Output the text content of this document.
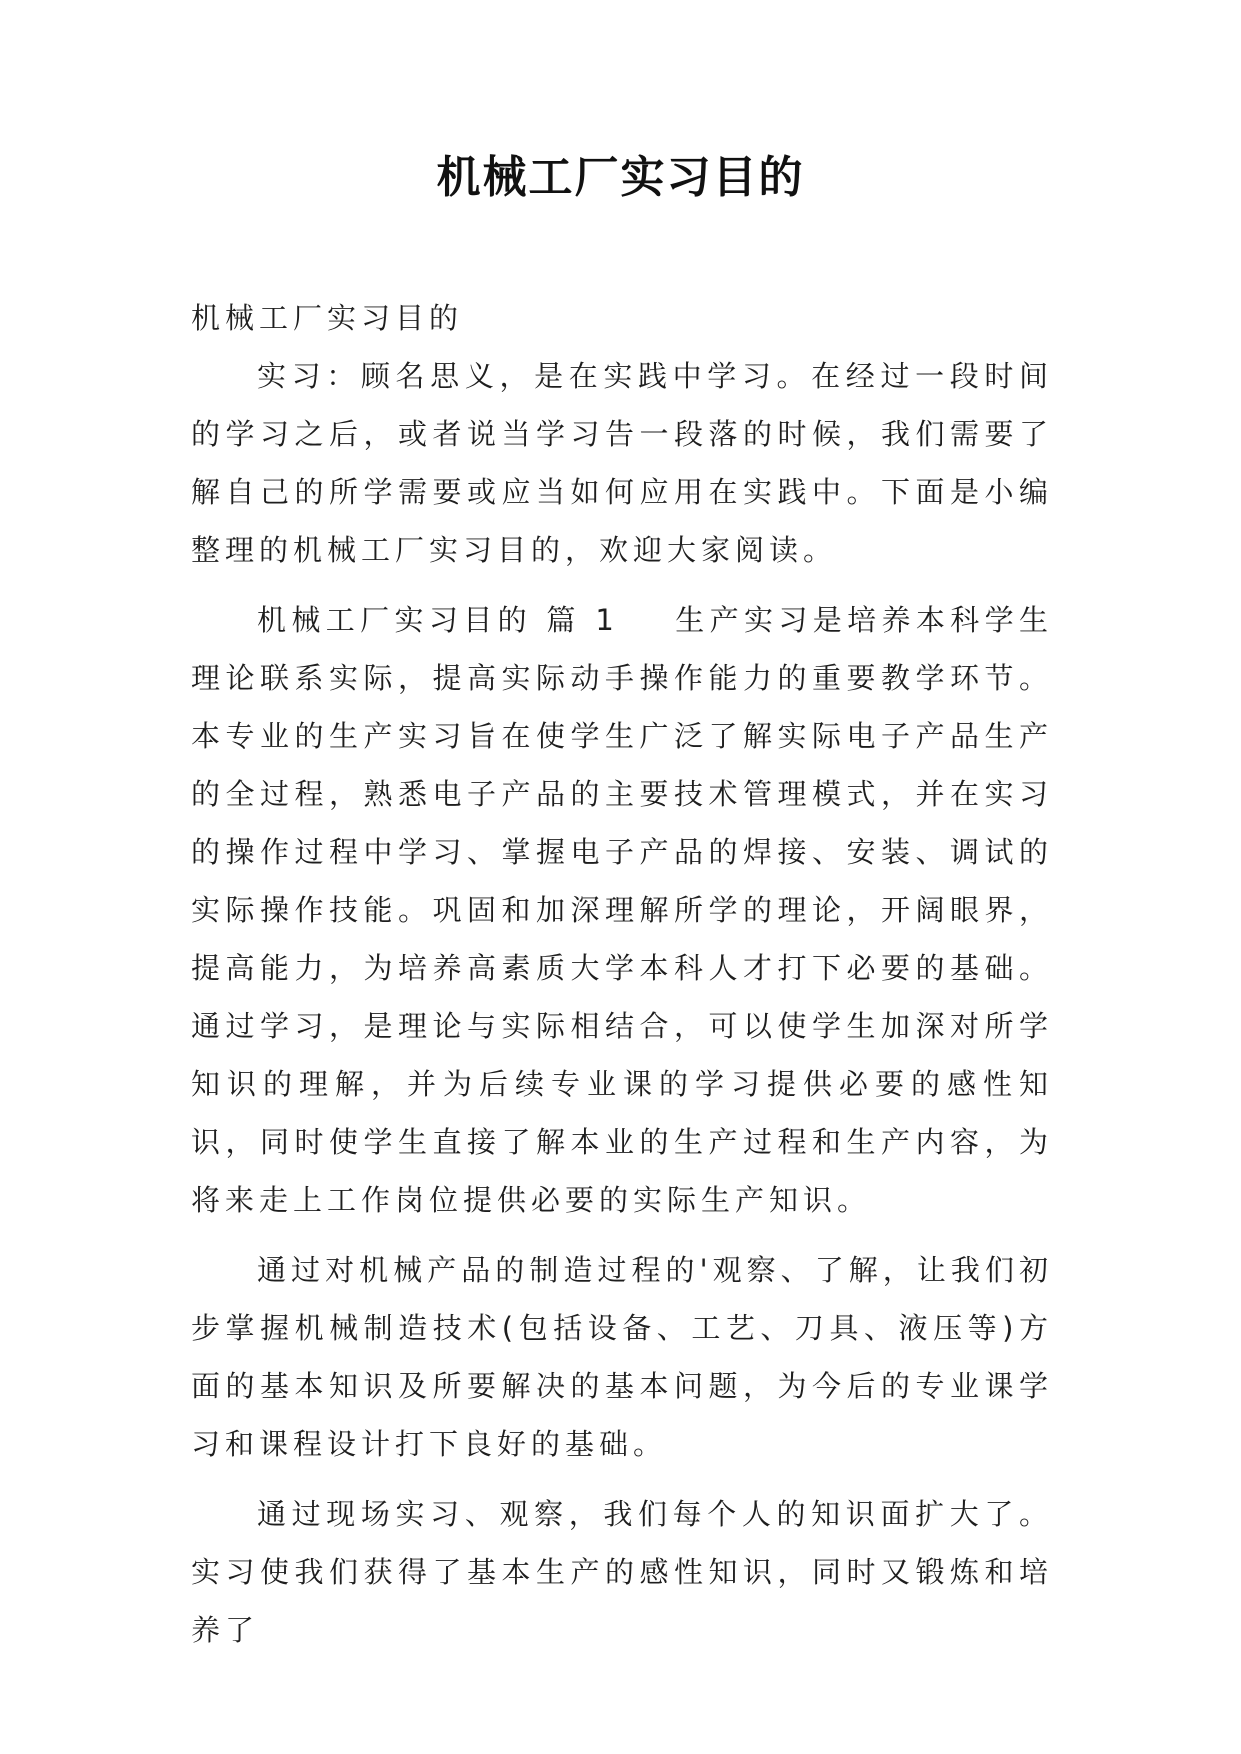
机械工厂实习目的

机械工厂实习目的

实习：顾名思义，是在实践中学习。在经过一段时间的学习之后，或者说当学习告一段落的时候，我们需要了解自己的所学需要或应当如何应用在实践中。下面是小编整理的机械工厂实习目的，欢迎大家阅读。

机械工厂实习目的 篇 1 生产实习是培养本科学生理论联系实际，提高实际动手操作能力的重要教学环节。本专业的生产实习旨在使学生广泛了解实际电子产品生产的全过程，熟悉电子产品的主要技术管理模式，并在实习的操作过程中学习、掌握电子产品的焊接、安装、调试的实际操作技能。巩固和加深理解所学的理论，开阔眼界，提高能力，为培养高素质大学本科人才打下必要的基础。通过学习，是理论与实际相结合，可以使学生加深对所学知识的理解，并为后续专业课的学习提供必要的感性知识，同时使学生直接了解本业的生产过程和生产内容，为将来走上工作岗位提供必要的实际生产知识。

通过对机械产品的制造过程的'观察、了解，让我们初步掌握机械制造技术(包括设备、工艺、刀具、液压等)方面的基本知识及所要解决的基本问题，为今后的专业课学习和课程设计打下良好的基础。

通过现场实习、观察，我们每个人的知识面扩大了。实习使我们获得了基本生产的感性知识，同时又锻炼和培养了
